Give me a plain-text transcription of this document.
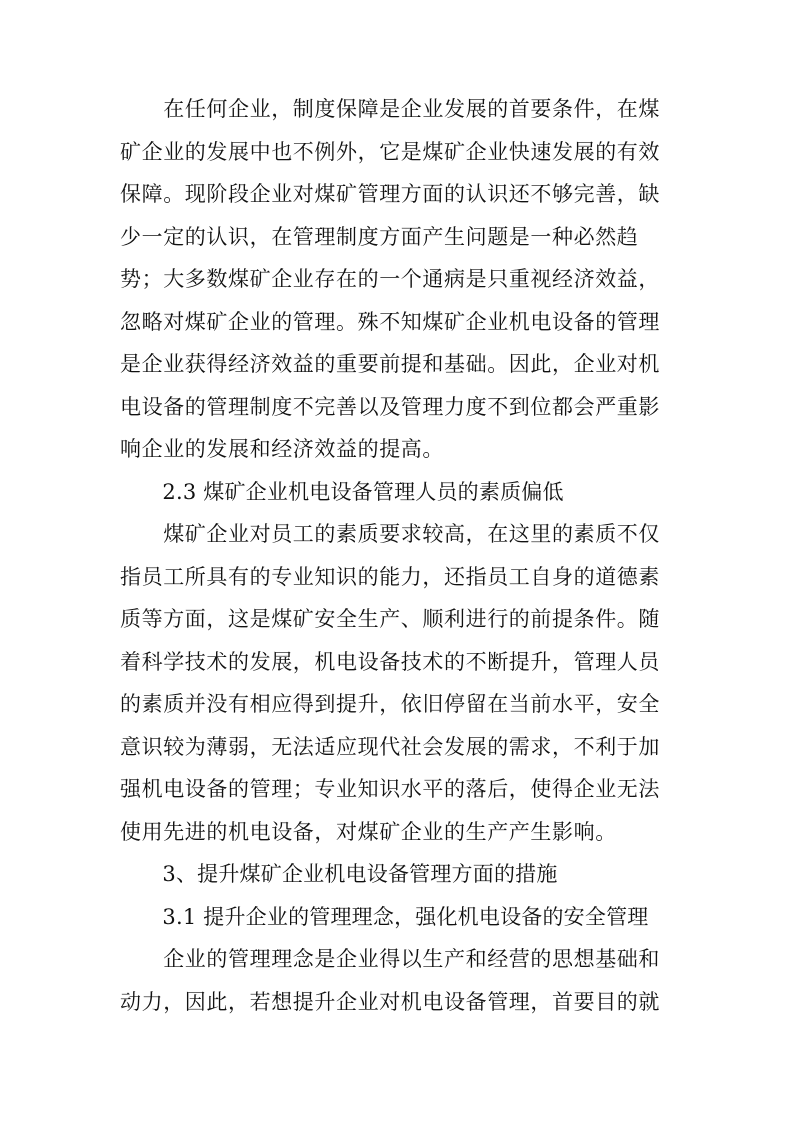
　　在任何企业，制度保障是企业发展的首要条件，在煤
矿企业的发展中也不例外，它是煤矿企业快速发展的有效
保障。现阶段企业对煤矿管理方面的认识还不够完善，缺
少一定的认识，在管理制度方面产生问题是一种必然趋
势；大多数煤矿企业存在的一个通病是只重视经济效益，
忽略对煤矿企业的管理。殊不知煤矿企业机电设备的管理
是企业获得经济效益的重要前提和基础。因此，企业对机
电设备的管理制度不完善以及管理力度不到位都会严重影
响企业的发展和经济效益的提高。
　　2.3 煤矿企业机电设备管理人员的素质偏低
　　煤矿企业对员工的素质要求较高，在这里的素质不仅
指员工所具有的专业知识的能力，还指员工自身的道德素
质等方面，这是煤矿安全生产、顺利进行的前提条件。随
着科学技术的发展，机电设备技术的不断提升，管理人员
的素质并没有相应得到提升，依旧停留在当前水平，安全
意识较为薄弱，无法适应现代社会发展的需求，不利于加
强机电设备的管理；专业知识水平的落后，使得企业无法
使用先进的机电设备，对煤矿企业的生产产生影响。
　　3、提升煤矿企业机电设备管理方面的措施
　　3.1 提升企业的管理理念，强化机电设备的安全管理
　　企业的管理理念是企业得以生产和经营的思想基础和
动力，因此，若想提升企业对机电设备管理，首要目的就
